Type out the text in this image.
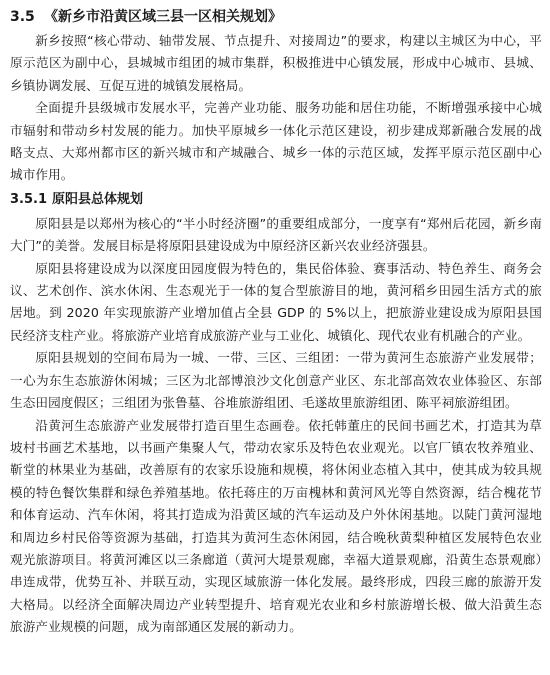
3.5 《新乡市沿黄区域三县一区相关规划》

新乡按照“核心带动、轴带发展、节点提升、对接周边”的要求，构建以主城区为中心，平原示范区为副中心，县城城市组团的城市集群，积极推进中心镇发展，形成中心城市、县城、乡镇协调发展、互促互进的城镇发展格局。

全面提升县级城市发展水平，完善产业功能、服务功能和居住功能，不断增强承接中心城市辐射和带动乡村发展的能力。加快平原城乡一体化示范区建设，初步建成郑新融合发展的战略支点、大郑州都市区的新兴城市和产城融合、城乡一体的示范区域，发挥平原示范区副中心城市作用。

3.5.1 原阳县总体规划

原阳县是以郑州为核心的“半小时经济圈”的重要组成部分，一度享有“郑州后花园，新乡南大门”的美誉。发展目标是将原阳县建设成为中原经济区新兴农业经济强县。

原阳县将建设成为以深度田园度假为特色的，集民俗体验、赛事活动、特色养生、商务会议、艺术创作、滨水休闲、生态观光于一体的复合型旅游目的地，黄河稻乡田园生活方式的旅居地。到 2020 年实现旅游产业增加值占全县 GDP 的 5%以上，把旅游业建设成为原阳县国民经济支柱产业。将旅游产业培育成旅游产业与工业化、城镇化、现代农业有机融合的产业。

原阳县规划的空间布局为一城、一带、三区、三组团：一带为黄河生态旅游产业发展带；一心为东生态旅游休闲城；三区为北部博浪沙文化创意产业区、东北部高效农业体验区、东部生态田园度假区；三组团为张鲁墓、谷堆旅游组团、毛遂故里旅游组团、陈平祠旅游组团。

沿黄河生态旅游产业发展带打造百里生态画卷。依托韩董庄的民间书画艺术，打造其为草坡村书画艺术基地，以书画产集聚人气，带动农家乐及特色农业观光。以官厂镇农牧养殖业、靳堂的林果业为基础，改善原有的农家乐设施和规模，将休闲业态植入其中，使其成为较具规模的特色餐饮集群和绿色养殖基地。依托蒋庄的万亩槐林和黄河风光等自然资源，结合槐花节和体育运动、汽车休闲，将其打造成为沿黄区域的汽车运动及户外休闲基地。以陡门黄河湿地和周边乡村民俗等资源为基础，打造其为黄河生态休闲园，结合晚秋黄梨种植区发展特色农业观光旅游项目。将黄河滩区以三条廊道（黄河大堤景观廊，幸福大道景观廊，沿黄生态景观廊）串连成带，优势互补、并联互动，实现区域旅游一体化发展。最终形成，四段三廊的旅游开发大格局。以经济全面解决周边产业转型提升、培育观光农业和乡村旅游增长极、做大沿黄生态旅游产业规模的问题，成为南部通区发展的新动力。
